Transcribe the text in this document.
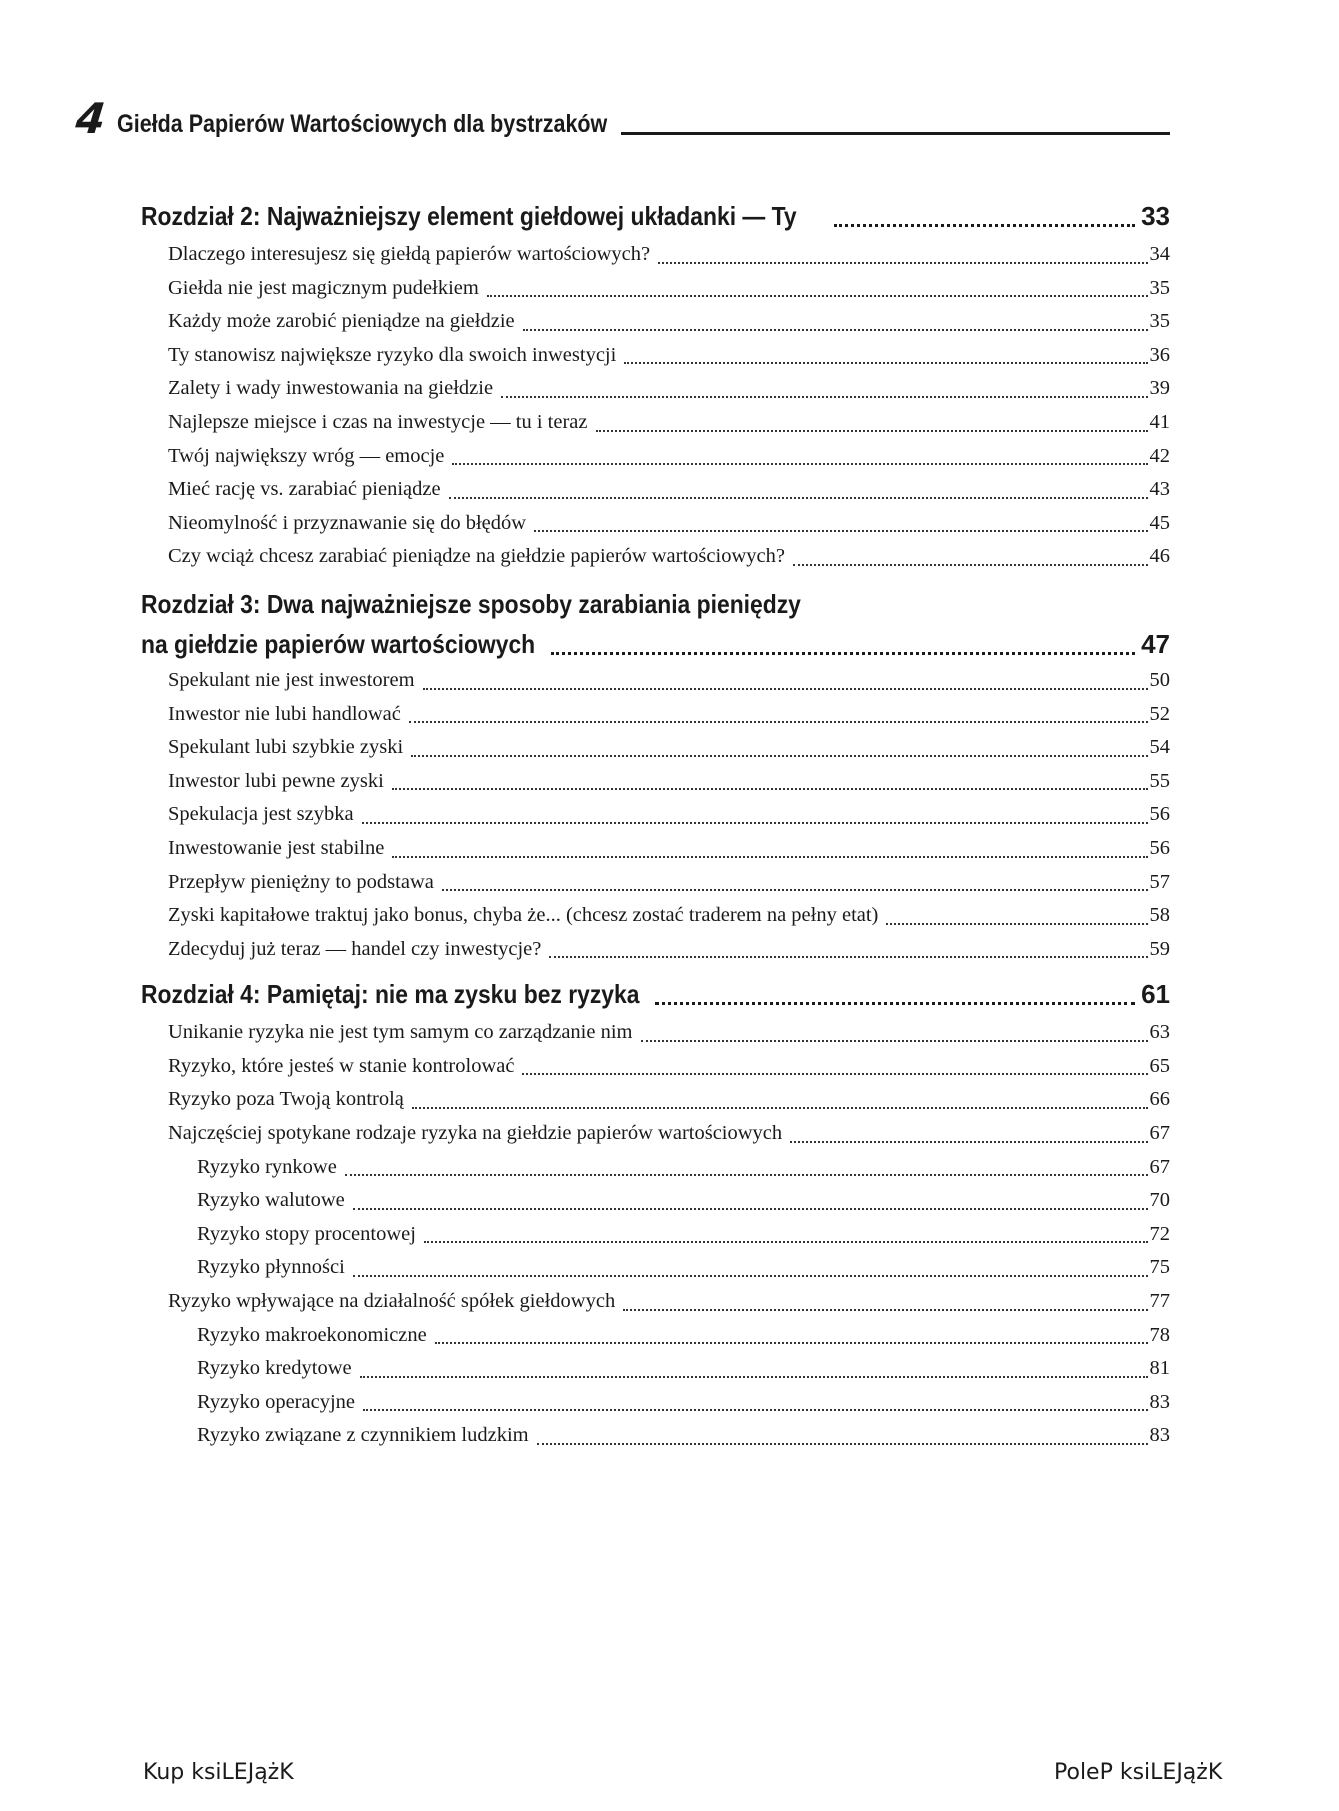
4 Giełda Papierów Wartościowych dla bystrzaków
Rozdział 2: Najważniejszy element giełdowej układanki — Ty	33
Dlaczego interesujesz się giełdą papierów wartościowych?	34
Giełda nie jest magicznym pudełkiem	35
Każdy może zarobić pieniądze na giełdzie	35
Ty stanowisz największe ryzyko dla swoich inwestycji	36
Zalety i wady inwestowania na giełdzie	39
Najlepsze miejsce i czas na inwestycje — tu i teraz	41
Twój największy wróg — emocje	42
Mieć rację vs. zarabiać pieniądze	43
Nieomylność i przyznawanie się do błędów	45
Czy wciąż chcesz zarabiać pieniądze na giełdzie papierów wartościowych?	46
Rozdział 3: Dwa najważniejsze sposoby zarabiania pieniędzy
na giełdzie papierów wartościowych	47
Spekulant nie jest inwestorem	50
Inwestor nie lubi handlować	52
Spekulant lubi szybkie zyski	54
Inwestor lubi pewne zyski	55
Spekulacja jest szybka	56
Inwestowanie jest stabilne	56
Przepływ pieniężny to podstawa	57
Zyski kapitałowe traktuj jako bonus, chyba że... (chcesz zostać traderem na pełny etat)	58
Zdecyduj już teraz — handel czy inwestycje?	59
Rozdział 4: Pamiętaj: nie ma zysku bez ryzyka	61
Unikanie ryzyka nie jest tym samym co zarządzanie nim	63
Ryzyko, które jesteś w stanie kontrolować	65
Ryzyko poza Twoją kontrolą	66
Najczęściej spotykane rodzaje ryzyka na giełdzie papierów wartościowych	67
Ryzyko rynkowe	67
Ryzyko walutowe	70
Ryzyko stopy procentowej	72
Ryzyko płynności	75
Ryzyko wpływające na działalność spółek giełdowych	77
Ryzyko makroekonomiczne	78
Ryzyko kredytowe	81
Ryzyko operacyjne	83
Ryzyko związane z czynnikiem ludzkim	83
Kup ksiLEJążK	PoleP ksiLEJążK
